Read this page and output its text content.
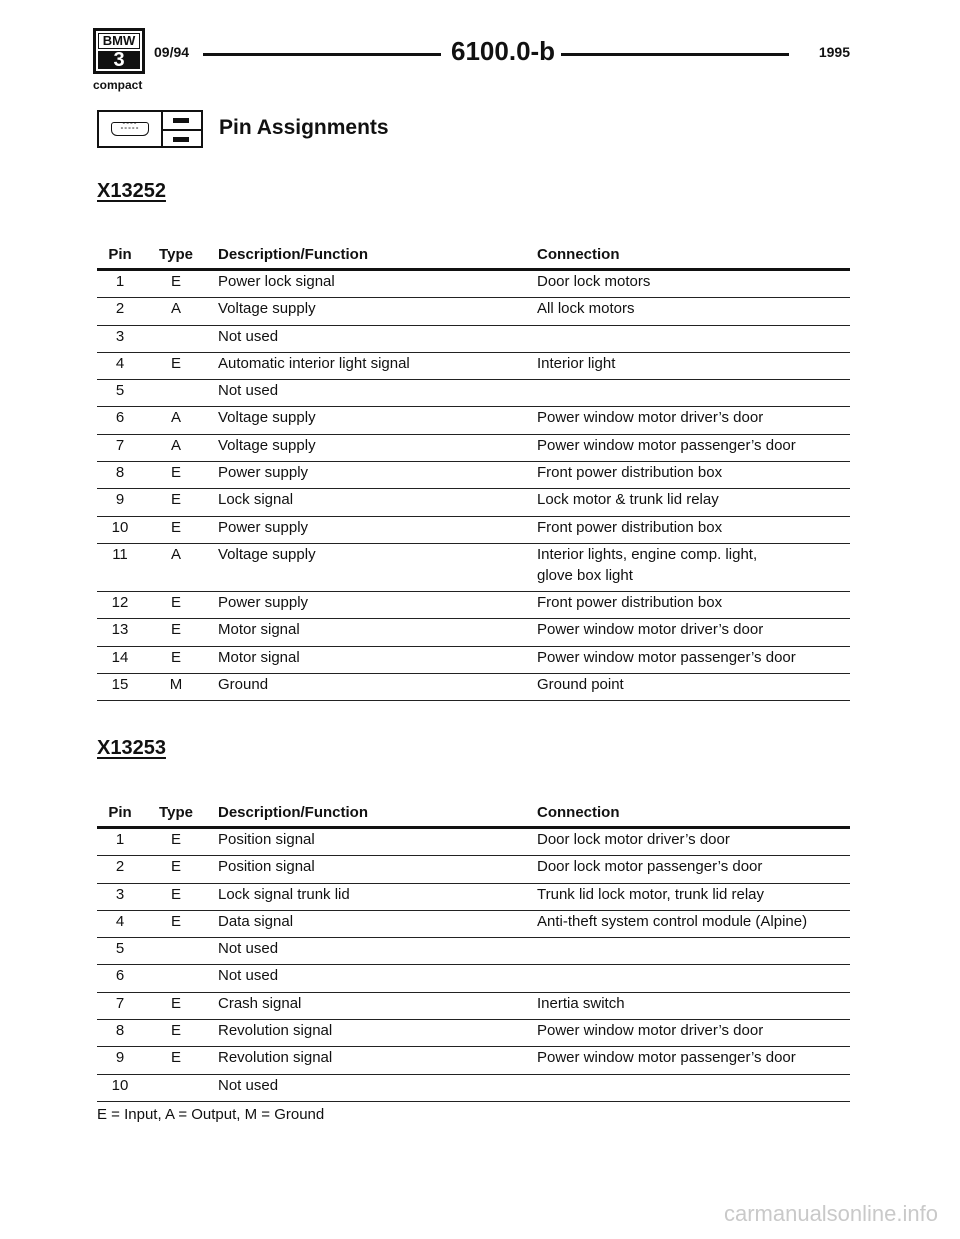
BMW
3
compact
09/94	6100.0-b	1995
°°°°
°°°°°	Pin Assignments
X13252
Pin	Type	Description/Function	Connection
1	E	Power lock signal	Door lock motors
2	A	Voltage supply	All lock motors
3	Not used
4	E	Automatic interior light signal	Interior light
5	Not used
6	A	Voltage supply	Power window motor driver’s door
7	A	Voltage supply	Power window motor passenger’s door
8	E	Power supply	Front power distribution box
9	E	Lock signal	Lock motor & trunk lid relay
10	E	Power supply	Front power distribution box
11	A	Voltage supply	Interior lights, engine comp. light,
glove box light
12	E	Power supply	Front power distribution box
13	E	Motor signal	Power window motor driver’s door
14	E	Motor signal	Power window motor passenger’s door
15	M	Ground	Ground point
X13253
Pin	Type	Description/Function	Connection
1	E	Position signal	Door lock motor driver’s door
2	E	Position signal	Door lock motor passenger’s door
3	E	Lock signal trunk lid	Trunk lid lock motor, trunk lid relay
4	E	Data signal	Anti-theft system control module (Alpine)
5	Not used
6	Not used
7	E	Crash signal	Inertia switch
8	E	Revolution signal	Power window motor driver’s door
9	E	Revolution signal	Power window motor passenger’s door
10	Not used
E = Input, A = Output, M = Ground
carmanualsonline.info
